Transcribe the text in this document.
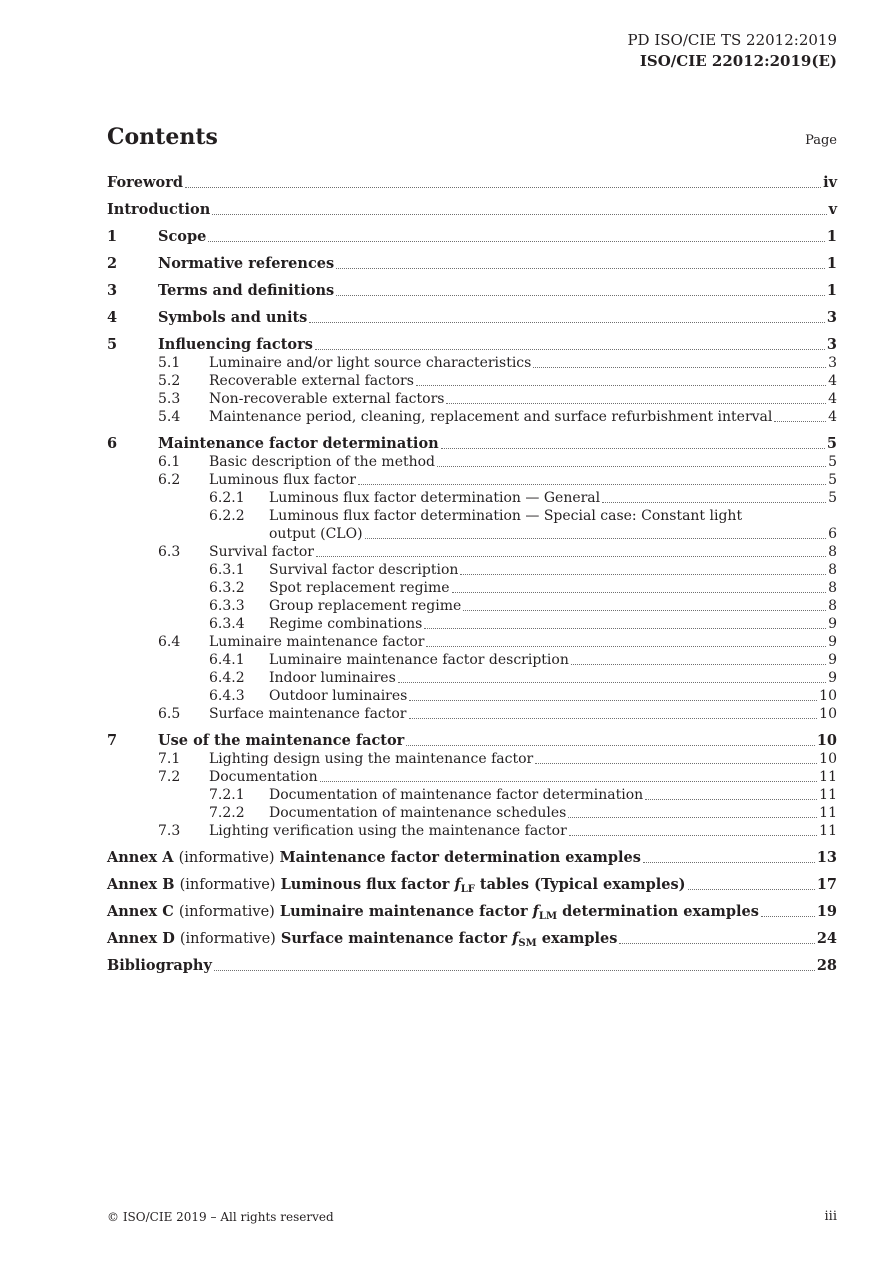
PD ISO/CIE TS 22012:2019
ISO/CIE 22012:2019(E)
Contents	Page
Foreword	iv
Introduction	v
1	Scope	1
2	Normative references	1
3	Terms and definitions	1
4	Symbols and units	3
5	Influencing factors	3
5.1	Luminaire and/or light source characteristics	3
5.2	Recoverable external factors	4
5.3	Non-recoverable external factors	4
5.4	Maintenance period, cleaning, replacement and surface refurbishment interval	4
6	Maintenance factor determination	5
6.1	Basic description of the method	5
6.2	Luminous flux factor	5
6.2.1	Luminous flux factor determination — General	5
6.2.2	Luminous flux factor determination — Special case: Constant light
output (CLO)	6
6.3	Survival factor	8
6.3.1	Survival factor description	8
6.3.2	Spot replacement regime	8
6.3.3	Group replacement regime	8
6.3.4	Regime combinations	9
6.4	Luminaire maintenance factor	9
6.4.1	Luminaire maintenance factor description	9
6.4.2	Indoor luminaires	9
6.4.3	Outdoor luminaires	10
6.5	Surface maintenance factor	10
7	Use of the maintenance factor	10
7.1	Lighting design using the maintenance factor	10
7.2	Documentation	11
7.2.1	Documentation of maintenance factor determination	11
7.2.2	Documentation of maintenance schedules	11
7.3	Lighting verification using the maintenance factor	11
Annex A (informative) Maintenance factor determination examples	13
Annex B (informative) Luminous flux factor $f_{LF}$ tables (Typical examples)	17
Annex C (informative) Luminaire maintenance factor $f_{LM}$ determination examples	19
Annex D (informative) Surface maintenance factor $f_{SM}$ examples	24
Bibliography	28
© ISO/CIE 2019 – All rights reserved	iii
